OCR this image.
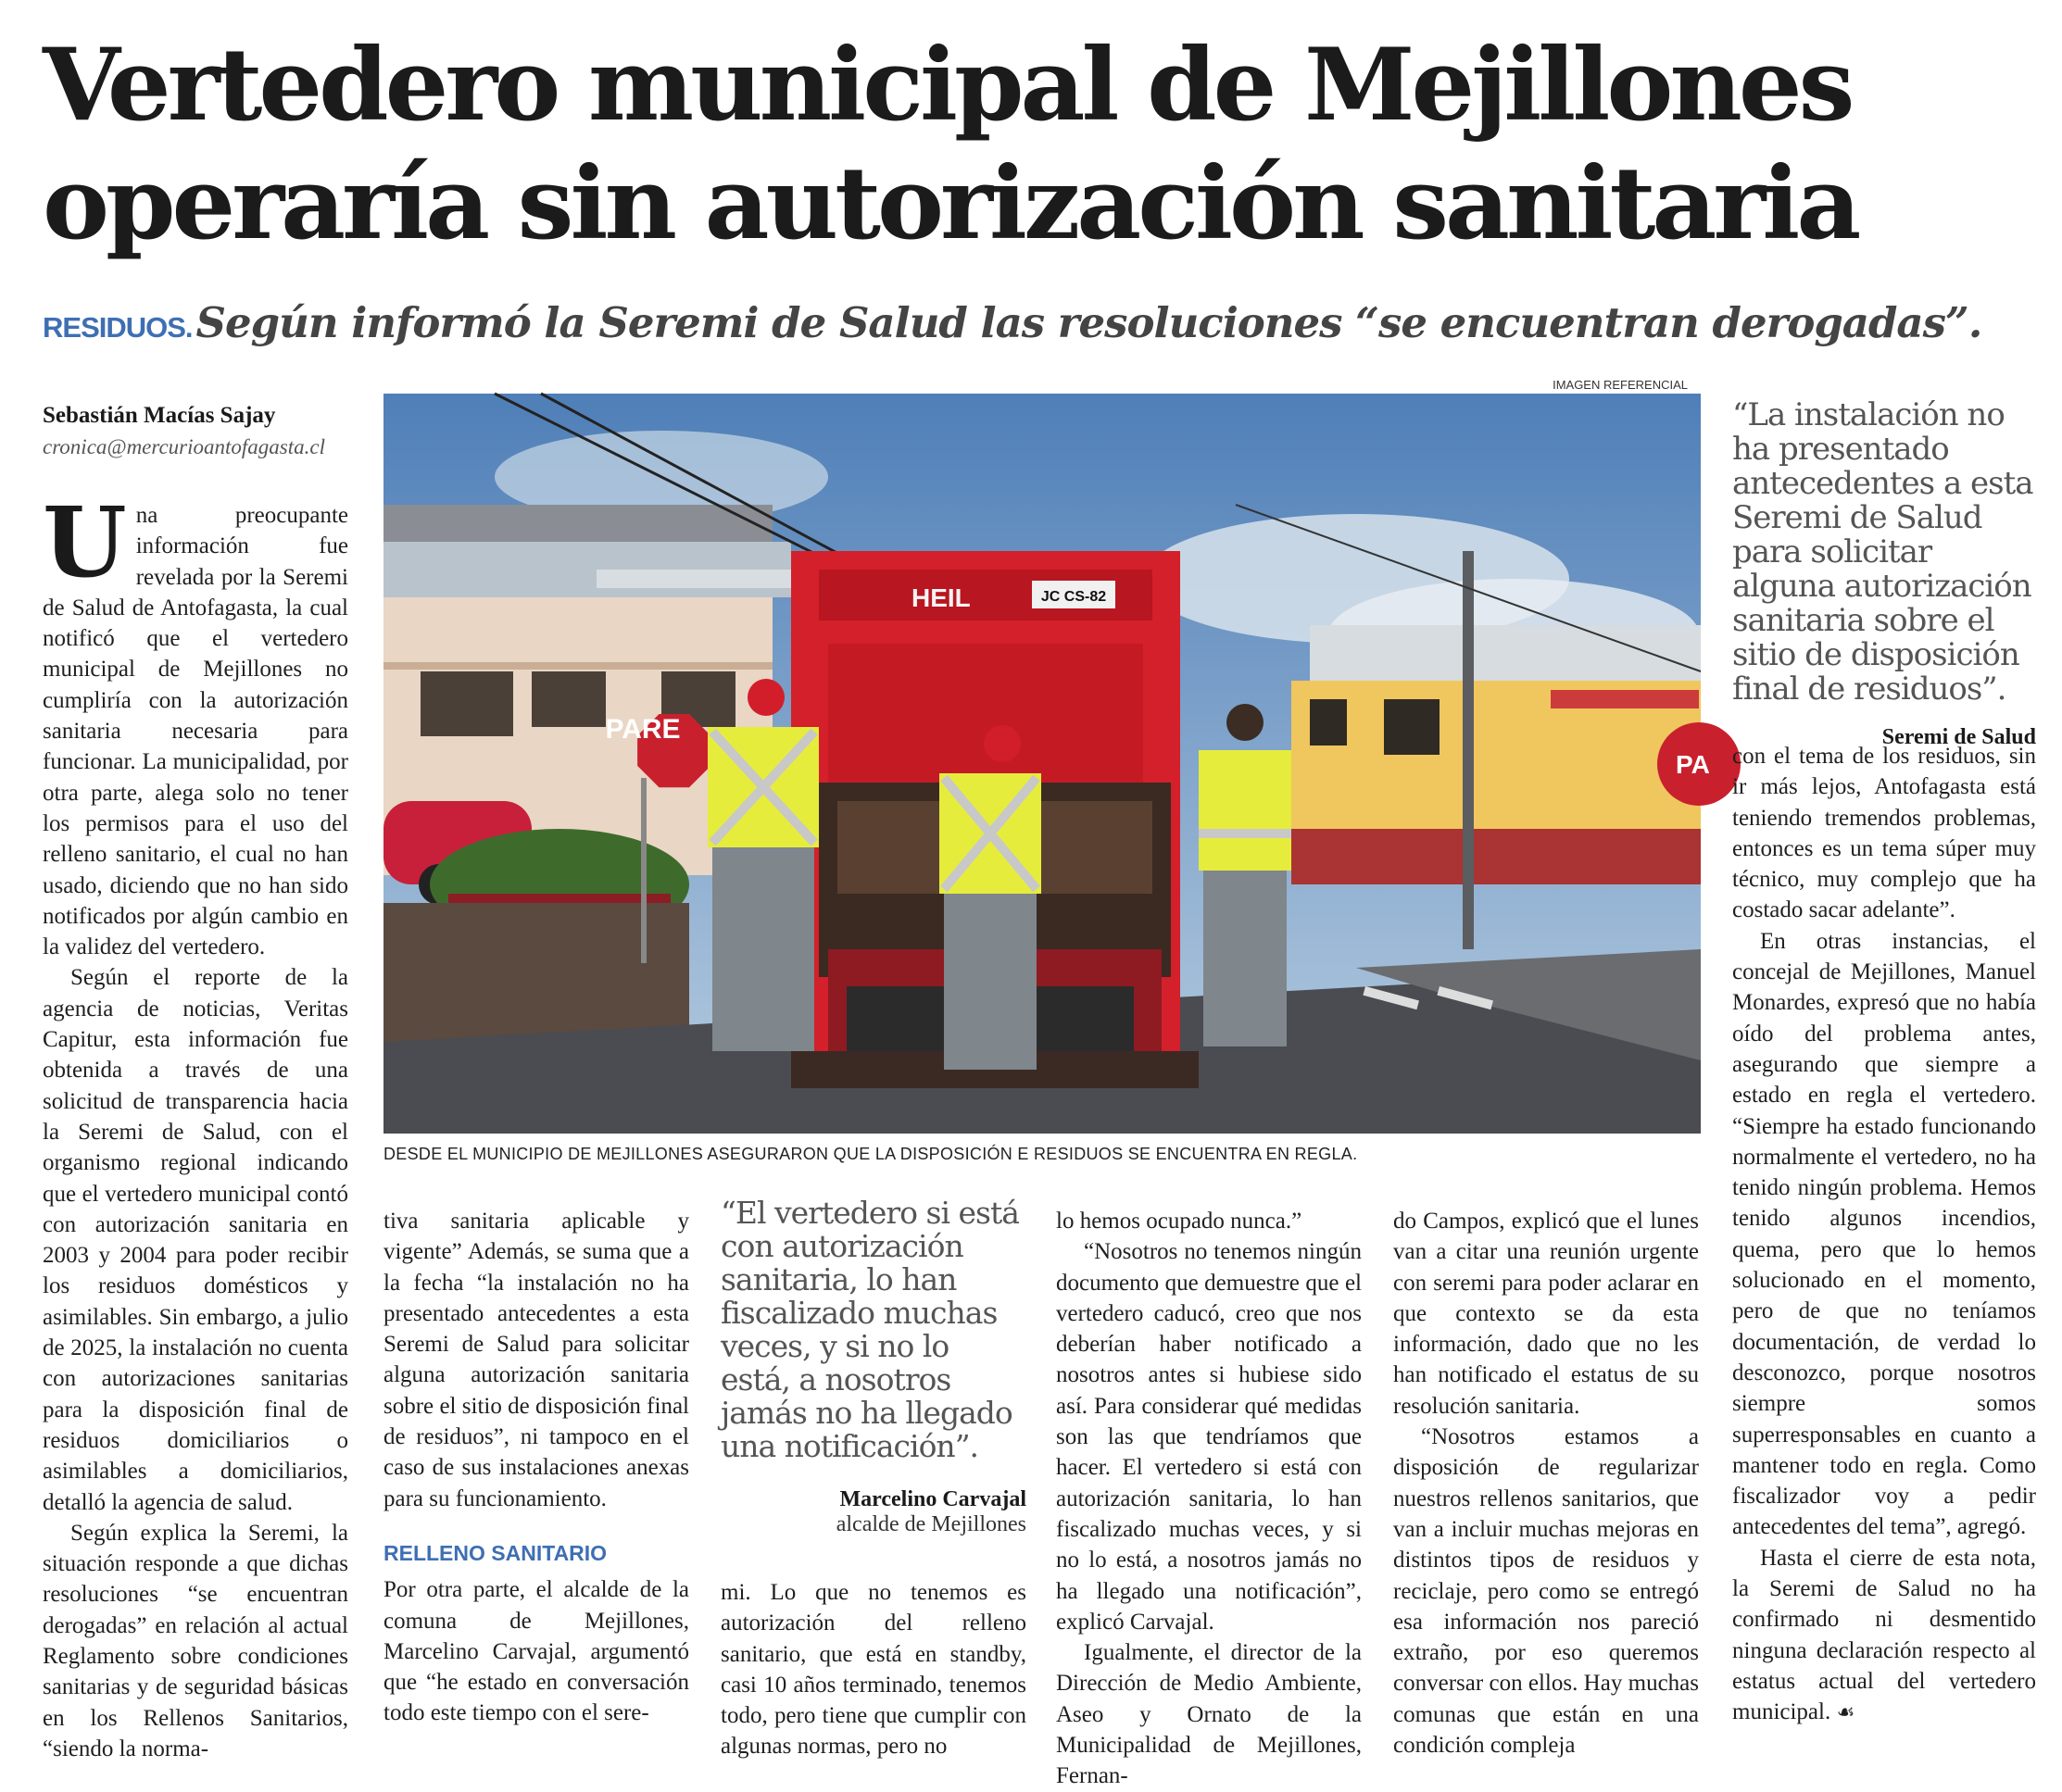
Vertedero municipal de Mejillones operaría sin autorización sanitaria
RESIDUOS. Según informó la Seremi de Salud las resoluciones “se encuentran derogadas”.
Sebastián Macías Sajay
cronica@mercurioantofagasta.cl
IMAGEN REFERENCIAL
PARE
PA
HEIL	JC CS-82
DESDE EL MUNICIPIO DE MEJILLONES ASEGURARON QUE LA DISPOSICIÓN E RESIDUOS SE ENCUENTRA EN REGLA.

Una preocupante información fue revelada por la Seremi de Salud de Antofagasta, la cual notificó que el vertedero municipal de Mejillones no cumpliría con la autorización sanitaria necesaria para funcionar. La municipalidad, por otra parte, alega solo no tener los permisos para el uso del relleno sanitario, el cual no han usado, diciendo que no han sido notificados por algún cambio en la validez del vertedero.

Según el reporte de la agencia de noticias, Veritas Capitur, esta información fue obtenida a través de una solicitud de transparencia hacia la Seremi de Salud, con el organismo regional indicando que el vertedero municipal contó con autorización sanitaria en 2003 y 2004 para poder recibir los residuos domésticos y asimilables. Sin embargo, a julio de 2025, la instalación no cuenta con autorizaciones sanitarias para la disposición final de residuos domiciliarios o asimilables a domiciliarios, detalló la agencia de salud.

Según explica la Seremi, la situación responde a que dichas resoluciones “se encuentran derogadas” en relación al actual Reglamento sobre condiciones sanitarias y de seguridad básicas en los Rellenos Sanitarios, “siendo la norma-

tiva sanitaria aplicable y vigente” Además, se suma que a la fecha “la instalación no ha presentado antecedentes a esta Seremi de Salud para solicitar alguna autorización sanitaria sobre el sitio de disposición final de residuos”, ni tampoco en el caso de sus instalaciones anexas para su funcionamiento.

RELLENO SANITARIO

Por otra parte, el alcalde de la comuna de Mejillones, Marcelino Carvajal, argumentó que “he estado en conversación todo este tiempo con el sere-

“El vertedero si está con autorización sanitaria, lo han fiscalizado muchas veces, y si no lo está, a nosotros jamás no ha llegado una notificación”.
Marcelino Carvajal
alcalde de Mejillones

mi. Lo que no tenemos es autorización del relleno sanitario, que está en standby, casi 10 años terminado, tenemos todo, pero tiene que cumplir con algunas normas, pero no

lo hemos ocupado nunca.”

“Nosotros no tenemos ningún documento que demuestre que el vertedero caducó, creo que nos deberían haber notificado a nosotros antes si hubiese sido así. Para considerar qué medidas son las que tendríamos que hacer. El vertedero si está con autorización sanitaria, lo han fiscalizado muchas veces, y si no lo está, a nosotros jamás no ha llegado una notificación”, explicó Carvajal.

Igualmente, el director de la Dirección de Medio Ambiente, Aseo y Ornato de la Municipalidad de Mejillones, Fernan-

do Campos, explicó que el lunes van a citar una reunión urgente con seremi para poder aclarar en que contexto se da esta información, dado que no les han notificado el estatus de su resolución sanitaria.

“Nosotros estamos a disposición de regularizar nuestros rellenos sanitarios, que van a incluir muchas mejoras en distintos tipos de residuos y reciclaje, pero como se entregó esa información nos pareció extraño, por eso queremos conversar con ellos. Hay muchas comunas que están en una condición compleja

“La instalación no ha presentado antecedentes a esta Seremi de Salud para solicitar alguna autorización sanitaria sobre el sitio de disposición final de residuos”.
Seremi de Salud

con el tema de los residuos, sin ir más lejos, Antofagasta está teniendo tremendos problemas, entonces es un tema súper muy técnico, muy complejo que ha costado sacar adelante”.

En otras instancias, el concejal de Mejillones, Manuel Monardes, expresó que no había oído del problema antes, asegurando que siempre a estado en regla el vertedero. “Siempre ha estado funcionando normalmente el vertedero, no ha tenido ningún problema. Hemos tenido algunos incendios, quema, pero que lo hemos solucionado en el momento, pero de que no teníamos documentación, de verdad lo desconozco, porque nosotros siempre somos superresponsables en cuanto a mantener todo en regla. Como fiscalizador voy a pedir antecedentes del tema”, agregó.

Hasta el cierre de esta nota, la Seremi de Salud no ha confirmado ni desmentido ninguna declaración respecto al estatus actual del vertedero municipal. ☙
